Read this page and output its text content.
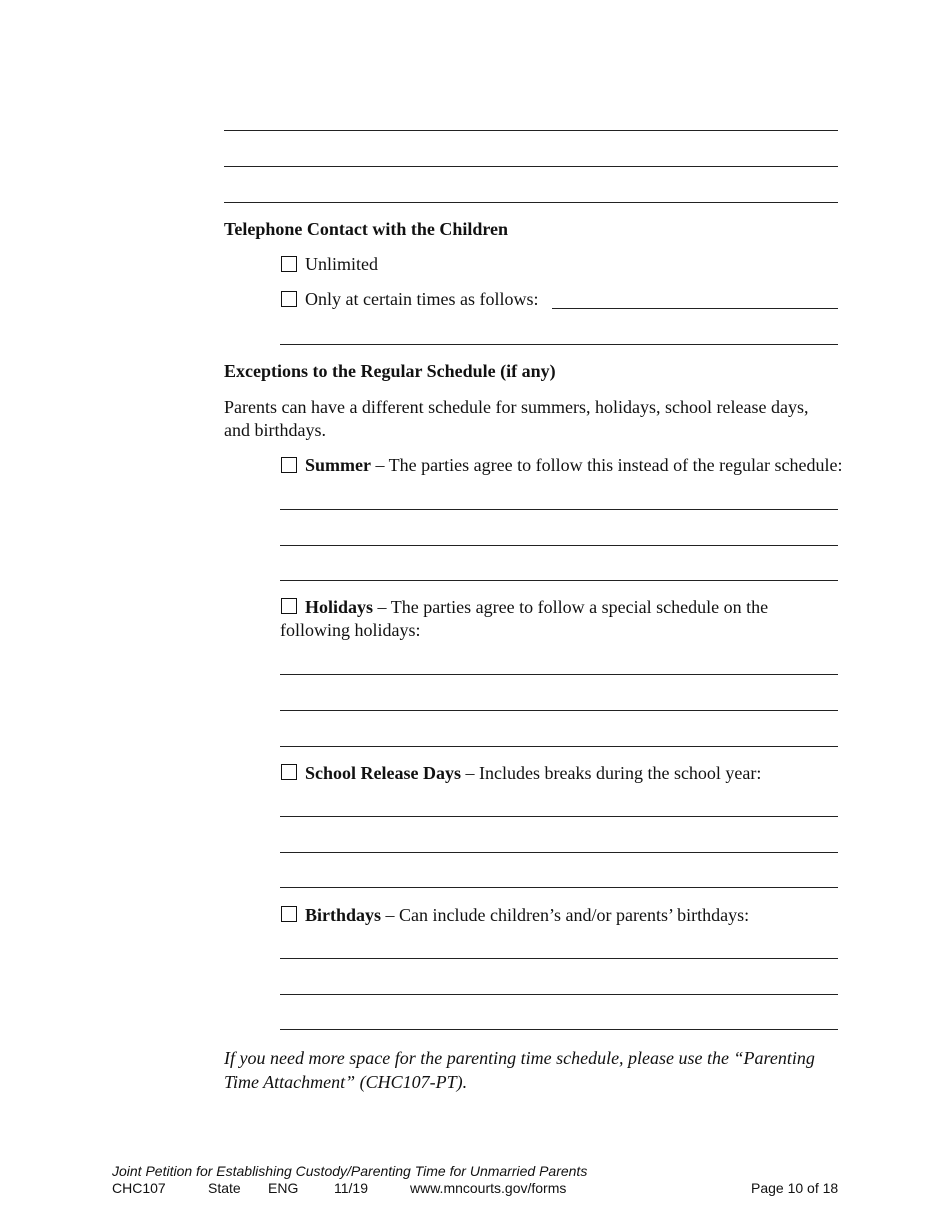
Telephone Contact with the Children
Unlimited
Only at certain times as follows:
Exceptions to the Regular Schedule (if any)
Parents can have a different schedule for summers, holidays, school release days,
and birthdays.
Summer – The parties agree to follow this instead of the regular schedule:
Holidays – The parties agree to follow a special schedule on the
following holidays:
School Release Days – Includes breaks during the school year:
Birthdays – Can include children’s and/or parents’ birthdays:
If you need more space for the parenting time schedule, please use the “Parenting
Time Attachment” (CHC107-PT).
Joint Petition for Establishing Custody/Parenting Time for Unmarried Parents
CHC107	State ENG	11/19	www.mncourts.gov/forms	Page 10 of 18
